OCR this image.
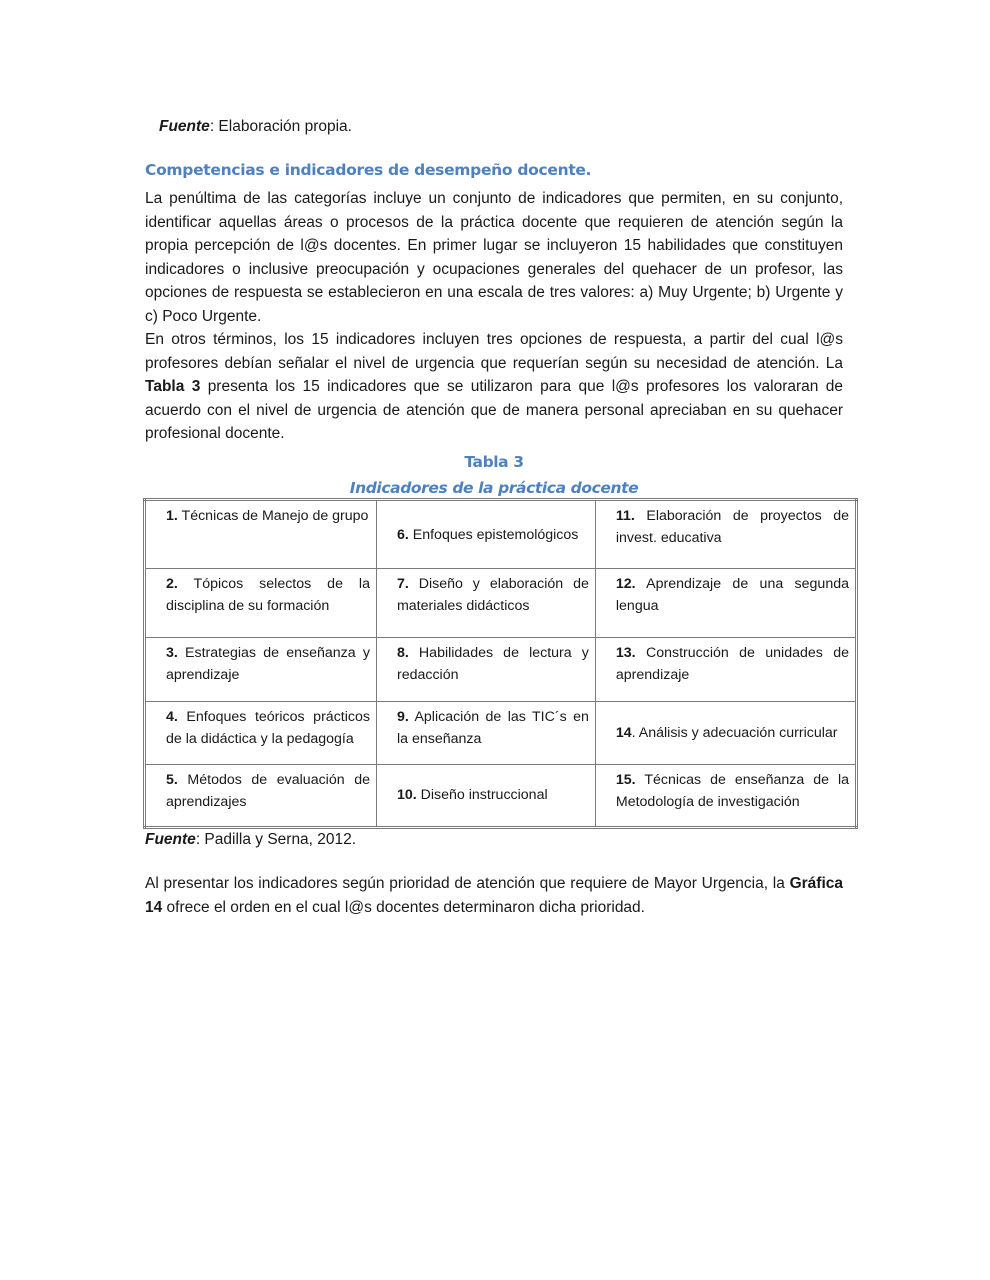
Fuente: Elaboración propia.
Competencias e indicadores de desempeño docente.
La penúltima de las categorías incluye un conjunto de indicadores que permiten, en su conjunto, identificar aquellas áreas o procesos de la práctica docente que requieren de atención según la propia percepción de l@s docentes. En primer lugar se incluyeron 15 habilidades que constituyen indicadores o inclusive preocupación y ocupaciones generales del quehacer de un profesor, las opciones de respuesta se establecieron en una escala de tres valores: a) Muy Urgente; b) Urgente y c) Poco Urgente.
En otros términos, los 15 indicadores incluyen tres opciones de respuesta, a partir del cual l@s profesores debían señalar el nivel de urgencia que requerían según su necesidad de atención. La Tabla 3 presenta los 15 indicadores que se utilizaron para que l@s profesores los valoraran de acuerdo con el nivel de urgencia de atención que de manera personal apreciaban en su quehacer profesional docente.
Tabla 3
Indicadores de la práctica docente
1. Técnicas de Manejo de grupo	6. Enfoques epistemológicos	11. Elaboración de proyectos de invest. educativa
2. Tópicos selectos de la disciplina de su formación	7. Diseño y elaboración de materiales didácticos	12. Aprendizaje de una segunda lengua
3. Estrategias de enseñanza y aprendizaje	8. Habilidades de lectura y redacción	13. Construcción de unidades de aprendizaje
4. Enfoques teóricos prácticos de la didáctica y la pedagogía	9. Aplicación de las TIC´s en la enseñanza	14. Análisis y adecuación curricular
5. Métodos de evaluación de aprendizajes	10. Diseño instruccional	15. Técnicas de enseñanza de la Metodología de investigación
Fuente: Padilla y Serna, 2012.
Al presentar los indicadores según prioridad de atención que requiere de Mayor Urgencia, la Gráfica 14 ofrece el orden en el cual l@s docentes determinaron dicha prioridad.
